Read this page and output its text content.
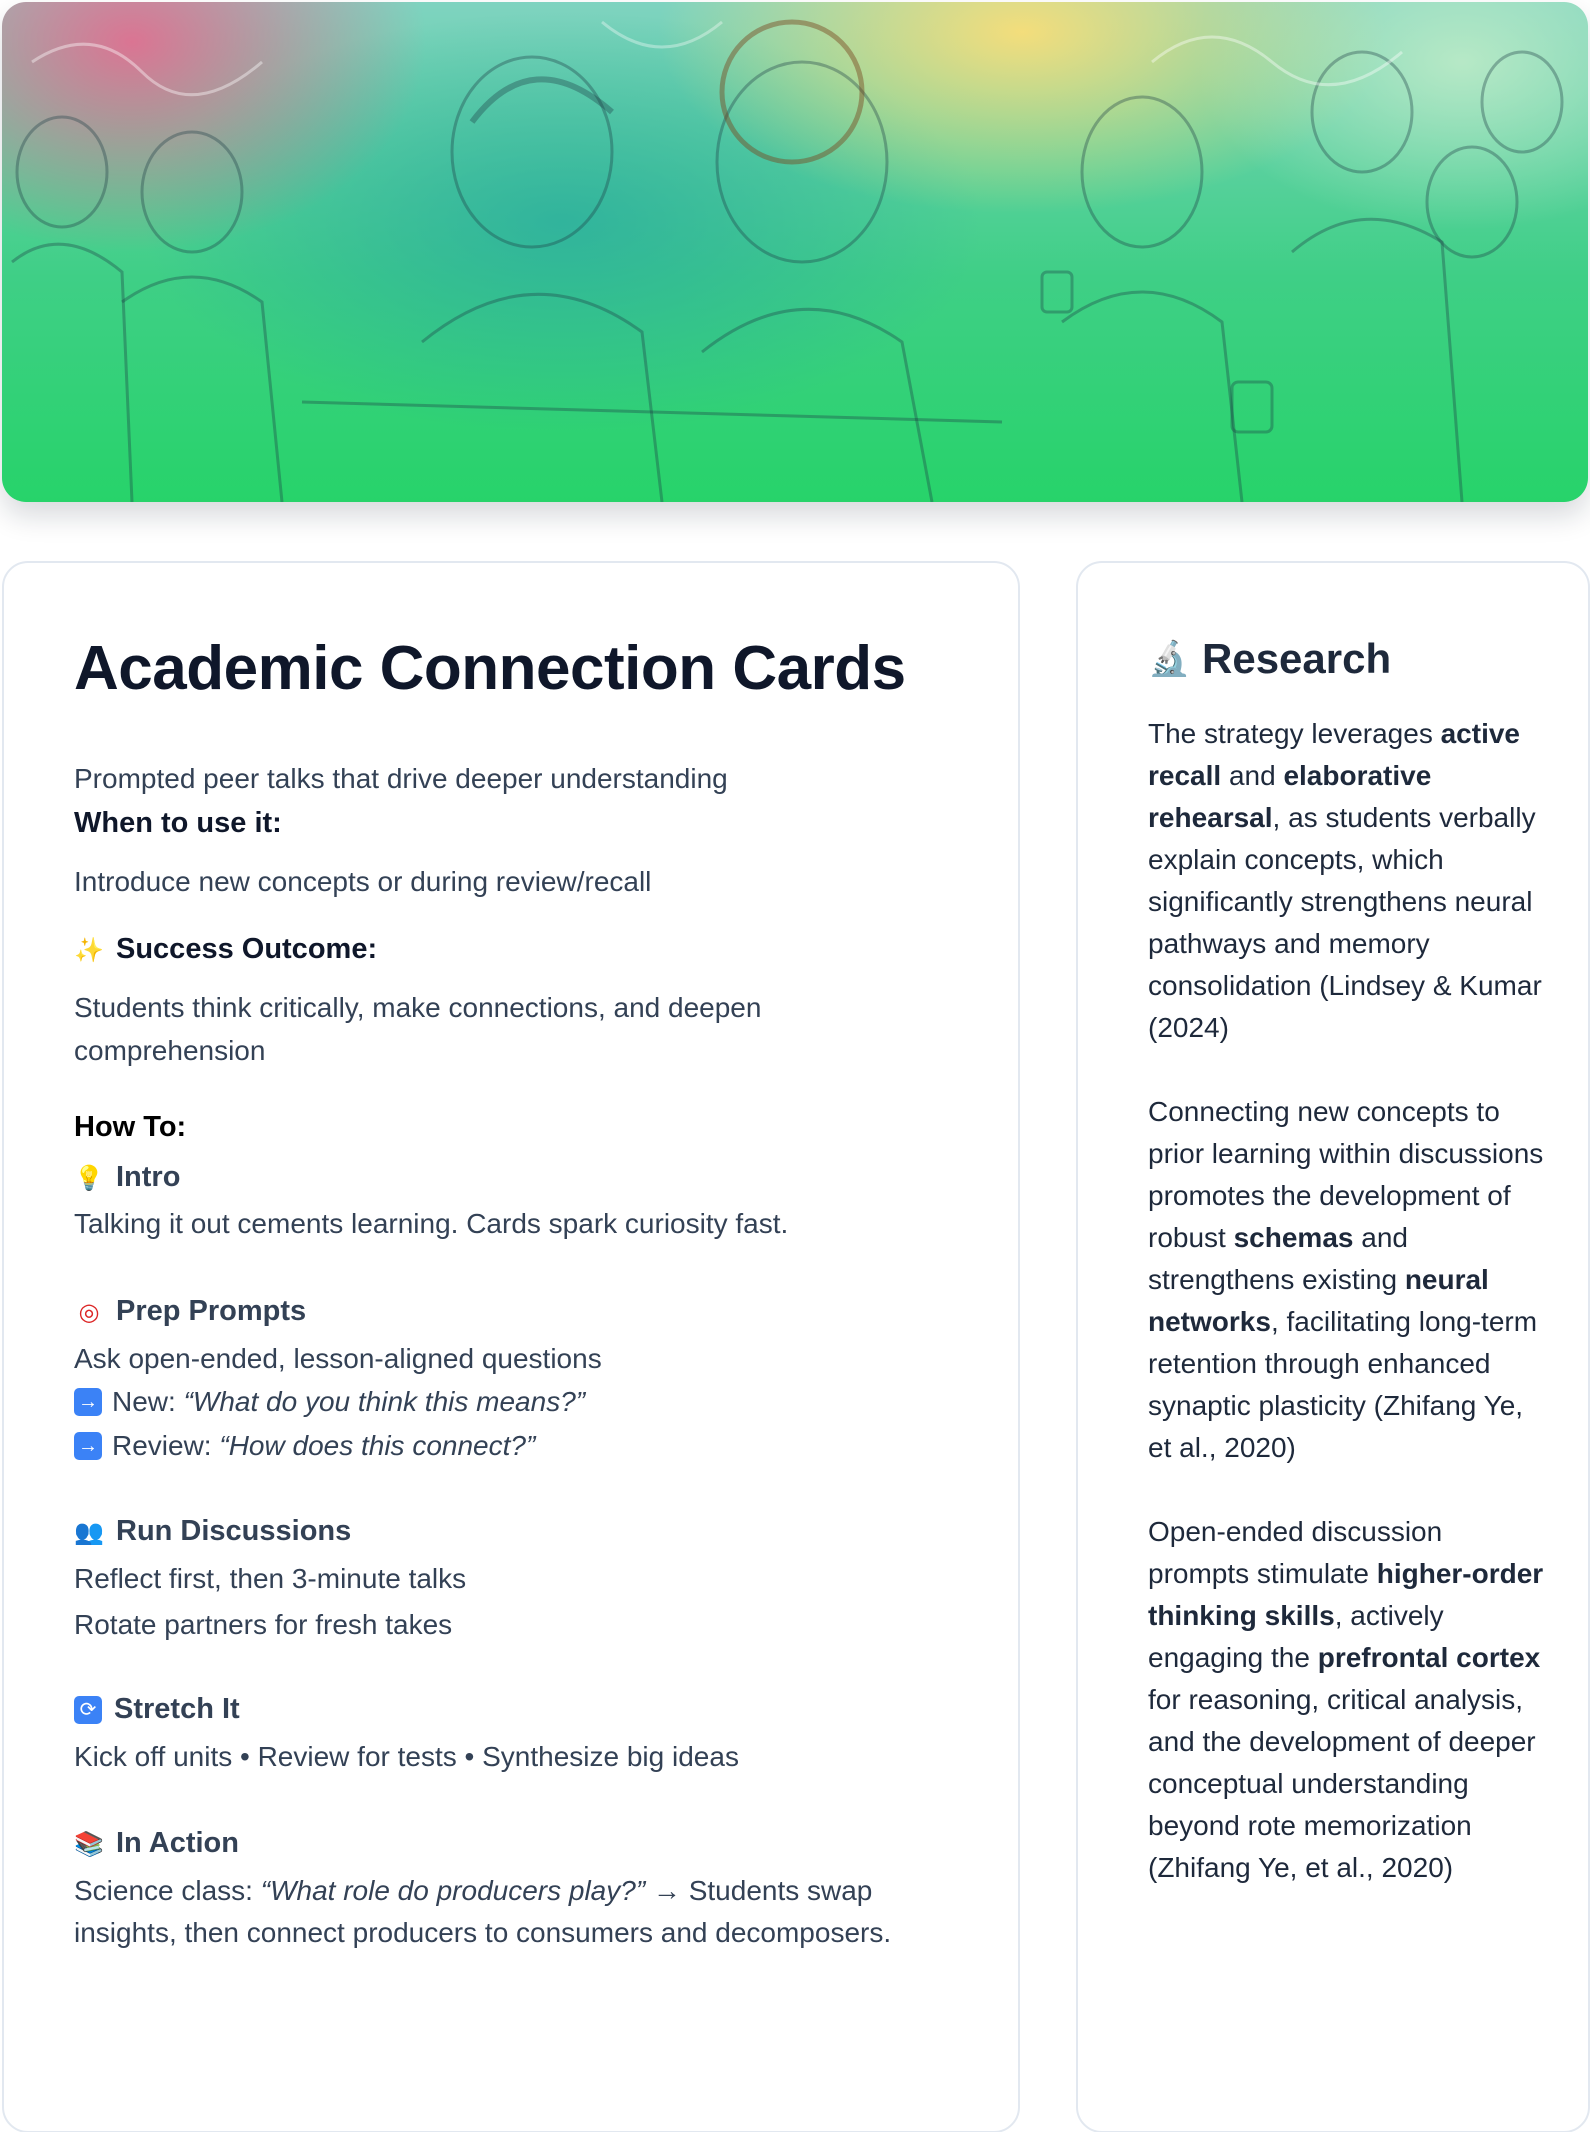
Academic Connection Cards
Prompted peer talks that drive deeper understanding
When to use it:
Introduce new concepts or during review/recall
✨ Success Outcome:
Students think critically, make connections, and deepen
comprehension
How To:
💡 Intro
Talking it out cements learning. Cards spark curiosity fast.
◎ Prep Prompts
Ask open-ended, lesson-aligned questions
→ New: “What do you think this means?”
→ Review: “How does this connect?”
👥 Run Discussions
Reflect first, then 3-minute talks
Rotate partners for fresh takes
⟳ Stretch It
Kick off units • Review for tests • Synthesize big ideas
📚 In Action
Science class: “What role do producers play?” → Students swap
insights, then connect producers to consumers and decomposers.
🔬 Research

The strategy leverages active recall and elaborative rehearsal, as students verbally explain concepts, which significantly strengthens neural pathways and memory consolidation (Lindsey & Kumar (2024)

Connecting new concepts to prior learning within discussions promotes the development of robust schemas and strengthens existing neural networks, facilitating long-term retention through enhanced synaptic plasticity (Zhifang Ye, et al., 2020)

Open-ended discussion prompts stimulate higher-order thinking skills, actively engaging the prefrontal cortex for reasoning, critical analysis, and the development of deeper conceptual understanding beyond rote memorization (Zhifang Ye, et al., 2020)
